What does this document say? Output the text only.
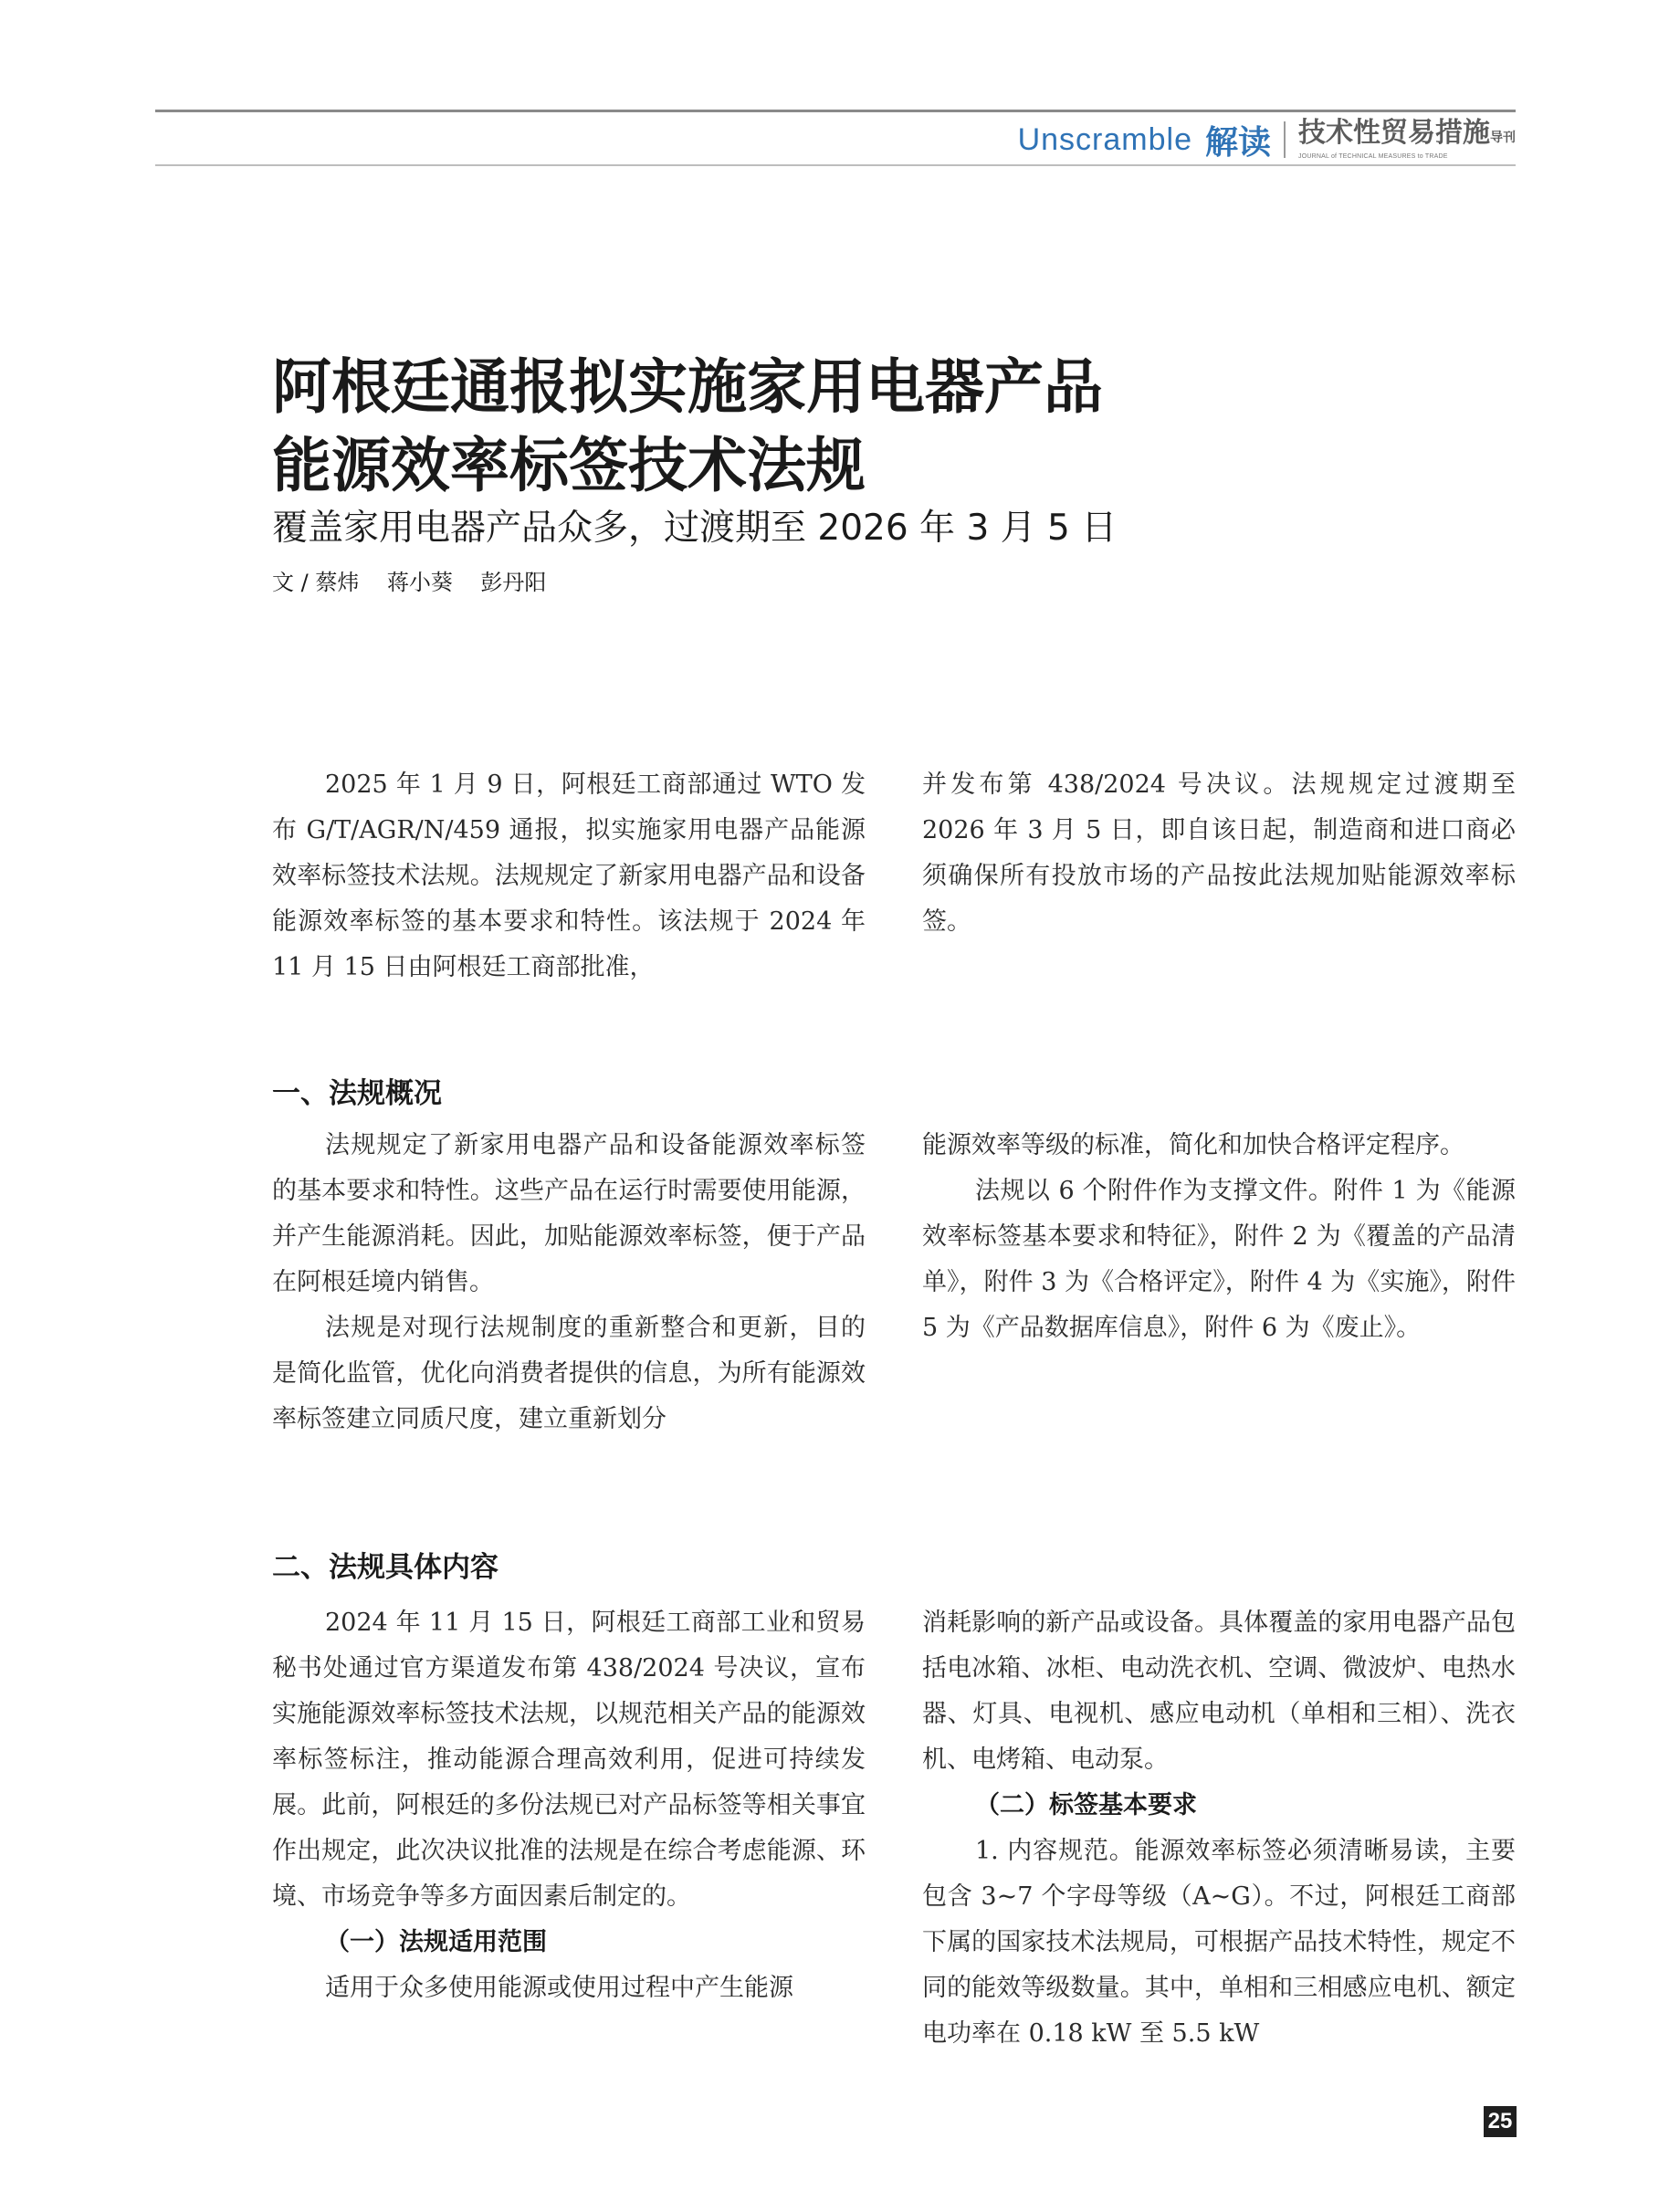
Unscramble 解读 技术性贸易措施导刊
JOURNAL of TECHNICAL MEASURES to TRADE
阿根廷通报拟实施家用电器产品
能源效率标签技术法规

覆盖家用电器产品众多，过渡期至 2026 年 3 月 5 日

文 / 蔡炜    蒋小葵    彭丹阳

2025 年 1 月 9 日，阿根廷工商部通过 WTO 发布 G/T/AGR/N/459 通报，拟实施家用电器产品能源效率标签技术法规。法规规定了新家用电器产品和设备能源效率标签的基本要求和特性。该法规于 2024 年 11 月 15 日由阿根廷工商部批准，

并发布第 438/2024 号决议。法规规定过渡期至 2026 年 3 月 5 日，即自该日起，制造商和进口商必须确保所有投放市场的产品按此法规加贴能源效率标签。

一、法规概况

法规规定了新家用电器产品和设备能源效率标签的基本要求和特性。这些产品在运行时需要使用能源，并产生能源消耗。因此，加贴能源效率标签，便于产品在阿根廷境内销售。

法规是对现行法规制度的重新整合和更新，目的是简化监管，优化向消费者提供的信息，为所有能源效率标签建立同质尺度，建立重新划分

能源效率等级的标准，简化和加快合格评定程序。

法规以 6 个附件作为支撑文件。附件 1 为《能源效率标签基本要求和特征》，附件 2 为《覆盖的产品清单》，附件 3 为《合格评定》，附件 4 为《实施》，附件 5 为《产品数据库信息》，附件 6 为《废止》。

二、法规具体内容

2024 年 11 月 15 日，阿根廷工商部工业和贸易秘书处通过官方渠道发布第 438/2024 号决议，宣布实施能源效率标签技术法规，以规范相关产品的能源效率标签标注，推动能源合理高效利用，促进可持续发展。此前，阿根廷的多份法规已对产品标签等相关事宜作出规定，此次决议批准的法规是在综合考虑能源、环境、市场竞争等多方面因素后制定的。

（一）法规适用范围

适用于众多使用能源或使用过程中产生能源

消耗影响的新产品或设备。具体覆盖的家用电器产品包括电冰箱、冰柜、电动洗衣机、空调、微波炉、电热水器、灯具、电视机、感应电动机（单相和三相）、洗衣机、电烤箱、电动泵。

（二）标签基本要求

1. 内容规范。能源效率标签必须清晰易读，主要包含 3~7 个字母等级（A~G）。不过，阿根廷工商部下属的国家技术法规局，可根据产品技术特性，规定不同的能效等级数量。其中，单相和三相感应电机、额定电功率在 0.18 kW 至 5.5 kW

25
